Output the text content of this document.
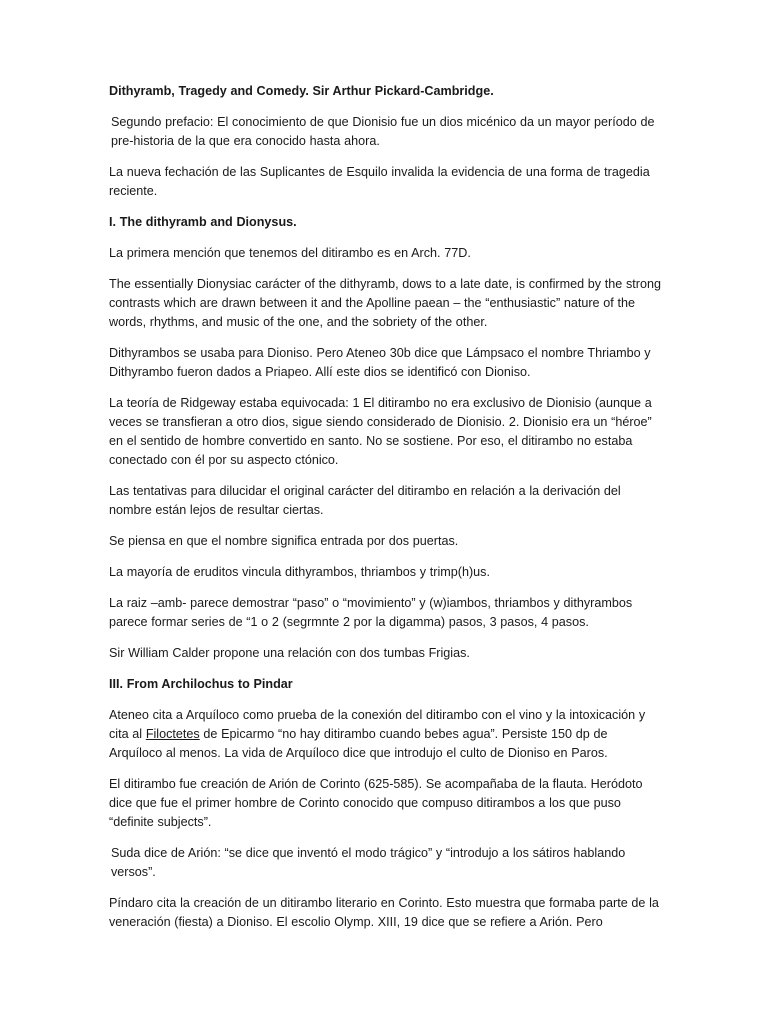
Dithyramb, Tragedy and Comedy. Sir Arthur Pickard-Cambridge.

Segundo prefacio: El conocimiento de que Dionisio fue un dios micénico da un mayor período de pre-historia de la que era conocido hasta ahora.

La nueva fechación de las Suplicantes de Esquilo invalida la evidencia de una forma de tragedia reciente.

I. The dithyramb and Dionysus.

La primera mención que tenemos del ditirambo es en Arch. 77D.

The essentially Dionysiac carácter of the dithyramb, dows to a late date, is confirmed by the strong contrasts which are drawn between it and the Apolline paean – the “enthusiastic” nature of the words, rhythms, and music of the one, and the sobriety of the other.

Dithyrambos se usaba para Dioniso. Pero Ateneo 30b dice que Lámpsaco el nombre Thriambo y Dithyrambo fueron dados a Priapeo. Allí este dios se identificó con Dioniso.

La teoría de Ridgeway estaba equivocada: 1 El ditirambo no era exclusivo de Dionisio (aunque a veces se transfieran a otro dios, sigue siendo considerado de Dionisio. 2. Dionisio era un “héroe” en el sentido de hombre convertido en santo. No se sostiene. Por eso, el ditirambo no estaba conectado con él por su aspecto ctónico.

Las tentativas para dilucidar el original carácter del ditirambo en relación a la derivación del nombre están lejos de resultar ciertas.

Se piensa en que el nombre significa entrada por dos puertas.

La mayoría de eruditos vincula dithyrambos, thriambos y trimp(h)us.

La raiz –amb- parece demostrar “paso” o “movimiento” y (w)iambos, thriambos y dithyrambos parece formar series de “1 o 2 (segrmnte 2 por la digamma) pasos, 3 pasos, 4 pasos.

Sir William Calder propone una relación con dos tumbas Frigias.

III. From Archilochus to Pindar

Ateneo cita a Arquíloco como prueba de la conexión del ditirambo con el vino y la intoxicación y cita al Filoctetes de Epicarmo “no hay ditirambo cuando bebes agua”. Persiste 150 dp de Arquíloco al menos. La vida de Arquíloco dice que introdujo el culto de Dioniso en Paros.

El ditirambo fue creación de Arión de Corinto (625-585). Se acompañaba de la flauta. Heródoto dice que fue el primer hombre de Corinto conocido que compuso ditirambos a los que puso “definite subjects”.

Suda dice de Arión: “se dice que inventó el modo trágico” y “introdujo a los sátiros hablando versos”.

Píndaro cita la creación de un ditirambo literario en Corinto. Esto muestra que formaba parte de la veneración (fiesta) a Dioniso. El escolio Olymp. XIII, 19 dice que se refiere a Arión. Pero
